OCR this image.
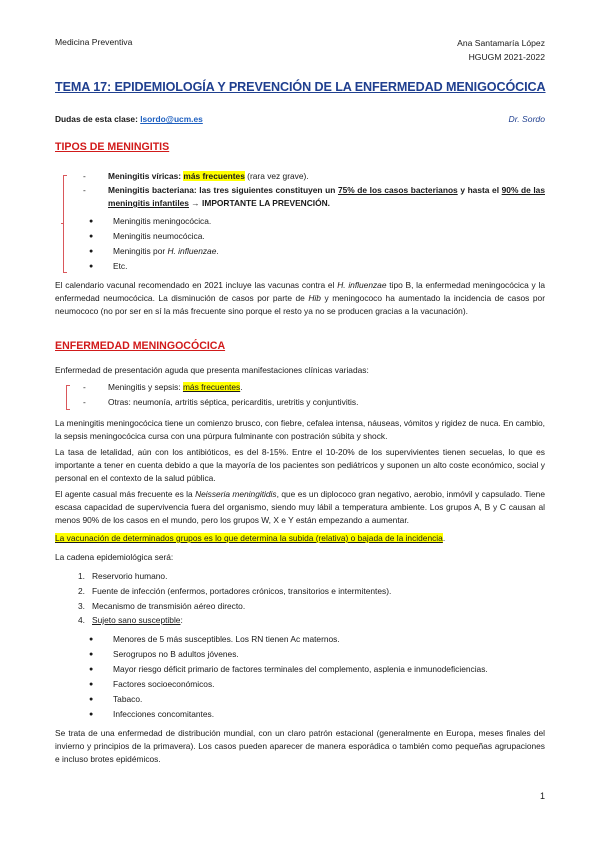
Medicina Preventiva	Ana Santamaría López
HGUGM 2021-2022
TEMA 17: EPIDEMIOLOGÍA Y PREVENCIÓN DE LA ENFERMEDAD MENIGOCÓCICA
Dudas de esta clase: lsordo@ucm.es	Dr. Sordo
TIPOS DE MENINGITIS
-	Meningitis víricas: más frecuentes (rara vez grave).
-	Meningitis bacteriana: las tres siguientes constituyen un 75% de los casos bacterianos y hasta el 90% de las meningitis infantiles → IMPORTANTE LA PREVENCIÓN.
● Meningitis meningocócica.
● Meningitis neumocócica.
● Meningitis por H. influenzae.
● Etc.

El calendario vacunal recomendado en 2021 incluye las vacunas contra el H. influenzae tipo B, la enfermedad meningocócica y la enfermedad neumocócica. La disminución de casos por parte de Hib y meningococo ha aumentado la incidencia de casos por neumococo (no por ser en sí la más frecuente sino porque el resto ya no se producen gracias a la vacunación).

ENFERMEDAD MENINGOCÓCICA

Enfermedad de presentación aguda que presenta manifestaciones clínicas variadas:

-	Meningitis y sepsis: más frecuentes.
-	Otras: neumonía, artritis séptica, pericarditis, uretritis y conjuntivitis.

La meningitis meningocócica tiene un comienzo brusco, con fiebre, cefalea intensa, náuseas, vómitos y rigidez de nuca. En cambio, la sepsis meningocócica cursa con una púrpura fulminante con postración súbita y shock.

La tasa de letalidad, aún con los antibióticos, es del 8-15%. Entre el 10-20% de los supervivientes tienen secuelas, lo que es importante a tener en cuenta debido a que la mayoría de los pacientes son pediátricos y suponen un alto coste económico, social y personal en el contexto de la salud pública.

El agente casual más frecuente es la Neisseria meningitidis, que es un diplococo gran negativo, aerobio, inmóvil y capsulado. Tiene escasa capacidad de supervivencia fuera del organismo, siendo muy lábil a temperatura ambiente. Los grupos A, B y C causan al menos 90% de los casos en el mundo, pero los grupos W, X e Y están empezando a aumentar.

La vacunación de determinados grupos es lo que determina la subida (relativa) o bajada de la incidencia.

La cadena epidemiológica será:

1. Reservorio humano.
2. Fuente de infección (enfermos, portadores crónicos, transitorios e intermitentes).
3. Mecanismo de transmisión aéreo directo.
4. Sujeto sano susceptible:
● Menores de 5 más susceptibles. Los RN tienen Ac maternos.
● Serogrupos no B adultos jóvenes.
● Mayor riesgo déficit primario de factores terminales del complemento, asplenia e inmunodeficiencias.
● Factores socioeconómicos.
● Tabaco.
● Infecciones concomitantes.

Se trata de una enfermedad de distribución mundial, con un claro patrón estacional (generalmente en Europa, meses finales del invierno y principios de la primavera). Los casos pueden aparecer de manera esporádica o también como pequeñas agrupaciones e incluso brotes epidémicos.

1
